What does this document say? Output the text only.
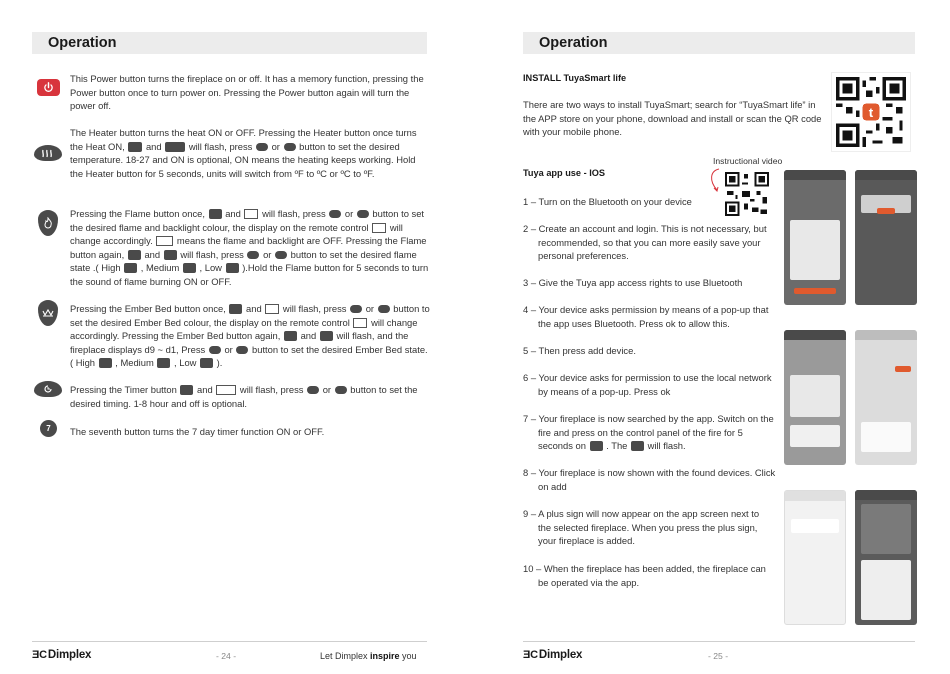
Operation

This Power button turns the fireplace on or off. It has a memory function, pressing the Power button once to turn power on. Pressing the Power button again will turn the power off.

The Heater button turns the heat ON or OFF. Pressing the Heater button once turns the Heat ON, and	will flash, press or button to set the desired temperature. 18-27 and ON is optional, ON means the heating keeps working. Hold the Heater button for 5 seconds, units will switch from ºF to ºC or ºC to ºF.

Pressing the Flame button once, and will flash, press or button to set the desired flame and backlight colour, the display on the remote control will change accordingly.	means the flame and backlight are OFF. Pressing the Flame button again, and will flash, press or button to set the desired flame state .( High , Medium , Low ).Hold the Flame button for 5 seconds to turn the sound of flame burning ON or OFF.

Pressing the Ember Bed button once, and will flash, press or button to set the desired Ember Bed colour, the display on the remote control will change accordingly. Pressing the Ember Bed button again, and will flash, and the fireplace displays d9 ~ d1, Press or button to set the desired Ember Bed state.( High , Medium , Low ).

Pressing the Timer button and	will flash, press or button to set the desired timing. 1-8 hour and off is optional.

7	The seventh button turns the 7 day timer function ON or OFF.

ƎCDimplex	- 24 -	Let Dimplex inspire you
Operation

INSTALL TuyaSmart life

There are two ways to install TuyaSmart; search for “TuyaSmart life” in the APP store on your phone, download and install or scan the QR code with your mobile phone.

t
Instructional video

Tuya app use - IOS

1 – Turn on the Bluetooth on your device

2 – Create an account and login. This is not necessary, but recommended, so that you can more easily save your personal preferences.

3 – Give the Tuya app access rights to use Bluetooth

4 – Your device asks permission by means of a pop-up that the app uses Bluetooth. Press ok to allow this.

5 – Then press add device.

6 – Your device asks for permission to use the local network by means of a pop-up. Press ok

7 – Your fireplace is now searched by the app. Switch on the fire and press on the control panel of the fire for 5 seconds on . The will flash.

8 – Your fireplace is now shown with the found devices. Click on add

9 – A plus sign will now appear on the app screen next to the selected fireplace. When you press the plus sign, your fireplace is added.

10 – When the fireplace has been added, the fireplace can be operated via the app.

ƎCDimplex	- 25 -
